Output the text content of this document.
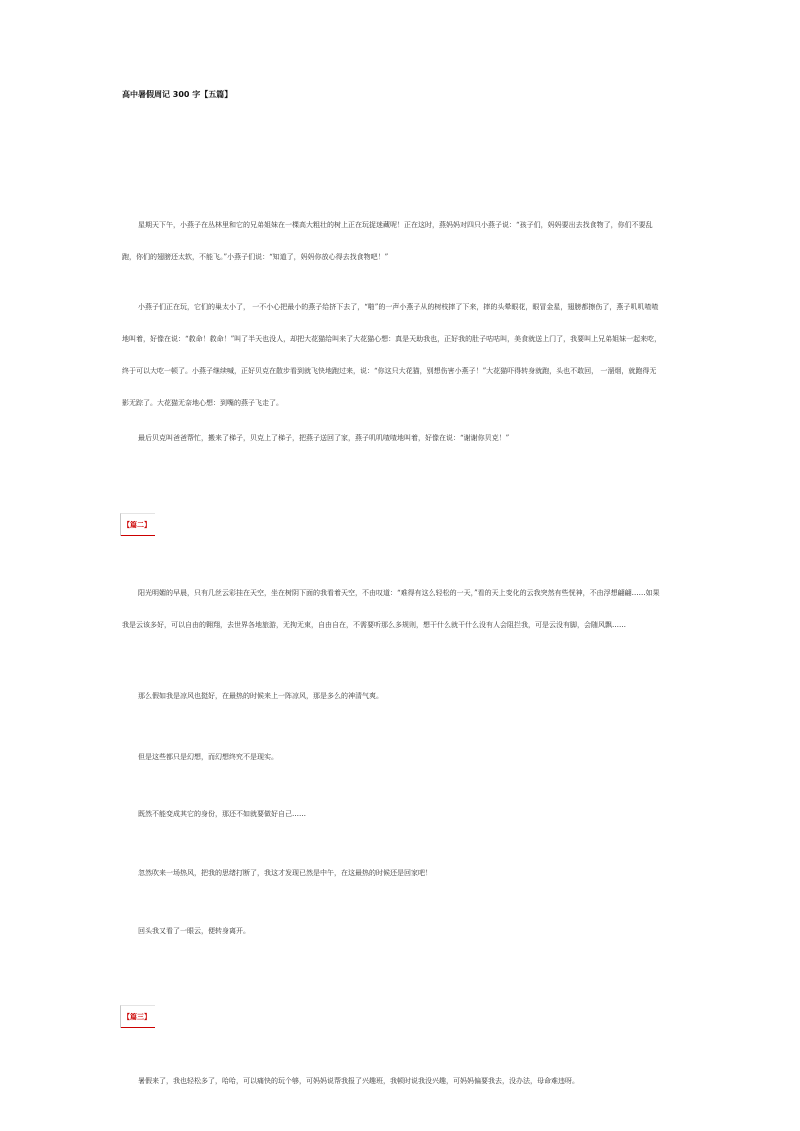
高中暑假周记 300 字【五篇】

星期天下午，小燕子在丛林里和它的兄弟姐妹在一棵高大粗壮的树上正在玩捉迷藏呢！正在这时，燕妈妈对四只小燕子说：“孩子们，妈妈要出去找食物了，你们不要乱跑，你们的翅膀还太软，不能飞。”小燕子们说：“知道了，妈妈你放心得去找食物吧！”

小燕子们正在玩，它们的巢太小了， 一不小心把最小的燕子给挤下去了，“啪”的一声小燕子从的树枝摔了下来，摔的头晕眼花，眼冒金星，翅膀都擦伤了，燕子叽叽喳喳地叫着，好像在说：“救命！救命！”叫了半天也没人，却把大花猫给叫来了大花猫心想：真是天助我也，正好我的肚子咕咕叫，美食就送上门了，我要叫上兄弟姐妹一起来吃，终于可以大吃一顿了。小燕子继续喊，正好贝克在散步看到就飞快地跑过来，说：“你这只大花猫，别想伤害小燕子！”大花猫吓得转身就跑，头也不敢回， 一溜烟，就跑得无影无踪了。大花猫无奈地心想：到嘴的燕子飞走了。

最后贝克叫爸爸帮忙，搬来了梯子，贝克上了梯子，把燕子送回了家，燕子叽叽喳喳地叫着，好像在说：“谢谢你贝克！”

【篇二】

阳光明媚的早晨，只有几丝云彩挂在天空，坐在树阴下面的我看着天空，不由叹道：“难得有这么轻松的一天，”看的天上变化的云我突然有些恍神，不由浮想翩翩……如果我是云该多好，可以自由的翱翔，去世界各地旅游，无拘无束，自由自在，不需要听那么多规则，想干什么就干什么没有人会阻拦我，可是云没有脚，会随风飘……

那么假如我是凉风也挺好，在最热的时候来上一阵凉风，那是多么的神清气爽。

但是这些都只是幻想，而幻想终究不是现实。

既然不能变成其它的身份，那还不如就要做好自己……

忽然吹来一场热风，把我的思绪打断了，我这才发现已然是中午，在这最热的时候还是回家吧！

回头我又看了一眼云，便转身离开。

【篇三】

暑假来了，我也轻松多了，哈哈，可以痛快的玩个够，可妈妈说帮我报了兴趣班，我顿时说我没兴趣，可妈妈偏要我去，没办法，母命难违呀。
